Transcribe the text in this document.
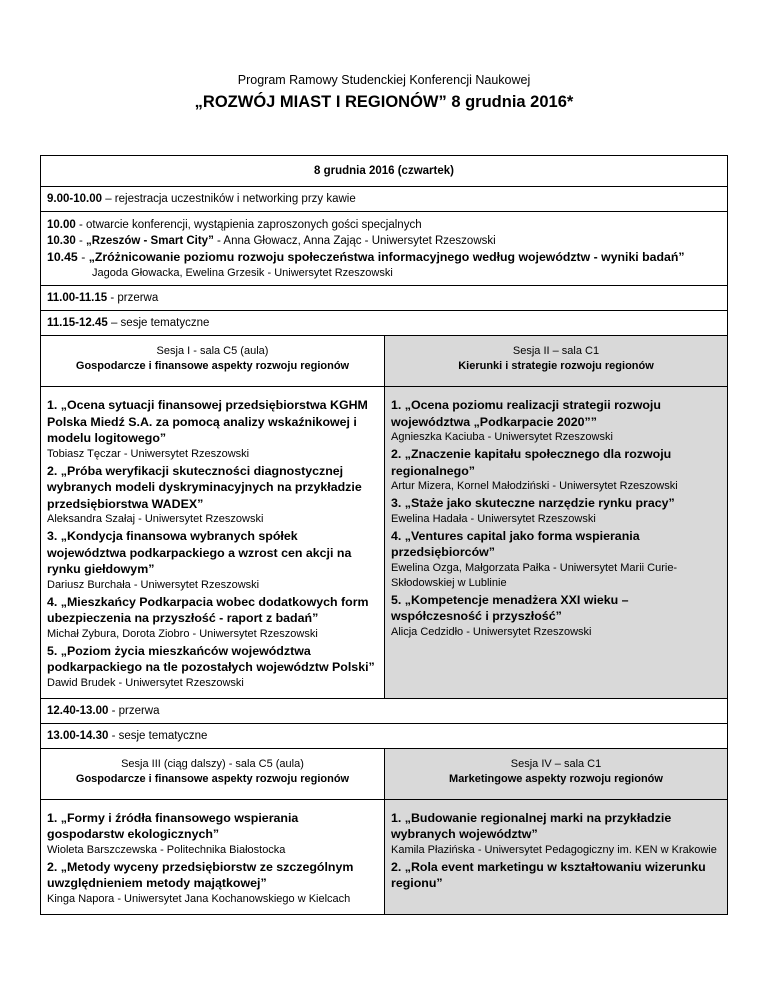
Program Ramowy Studenckiej Konferencji Naukowej
„ROZWÓJ MIAST I REGIONÓW” 8 grudnia 2016*
8 grudnia 2016 (czwartek)
9.00-10.00 – rejestracja uczestników i networking przy kawie
10.00 - otwarcie konferencji, wystąpienia zaproszonych gości specjalnych
10.30 - „Rzeszów - Smart City” - Anna Głowacz, Anna Zając - Uniwersytet Rzeszowski
10.45 - „Zróżnicowanie poziomu rozwoju społeczeństwa informacyjnego według województw - wyniki badań”
Jagoda Głowacka, Ewelina Grzesik - Uniwersytet Rzeszowski
11.00-11.15 - przerwa
11.15-12.45 – sesje tematyczne
Sesja I - sala C5 (aula)
Gospodarcze i finansowe aspekty rozwoju regionów
1. „Ocena sytuacji finansowej przedsiębiorstwa KGHM Polska Miedź S.A. za pomocą analizy wskaźnikowej i modelu logitowego”
Tobiasz Tęczar - Uniwersytet Rzeszowski
2. „Próba weryfikacji skuteczności diagnostycznej wybranych modeli dyskryminacyjnych na przykładzie przedsiębiorstwa WADEX”
Aleksandra Szałaj - Uniwersytet Rzeszowski
3. „Kondycja finansowa wybranych spółek województwa podkarpackiego a wzrost cen akcji na rynku giełdowym”
Dariusz Burchała - Uniwersytet Rzeszowski
4. „Mieszkańcy Podkarpacia wobec dodatkowych form ubezpieczenia na przyszłość - raport z badań”
Michał Zybura, Dorota Ziobro - Uniwersytet Rzeszowski
5. „Poziom życia mieszkańców województwa podkarpackiego na tle pozostałych województw Polski”
Dawid Brudek - Uniwersytet Rzeszowski
Sesja II – sala C1
Kierunki i strategie rozwoju regionów
1. „Ocena poziomu realizacji strategii rozwoju województwa „Podkarpacie 2020””
Agnieszka Kaciuba - Uniwersytet Rzeszowski
2. „Znaczenie kapitału społecznego dla rozwoju regionalnego”
Artur Mizera, Kornel Małodziński - Uniwersytet Rzeszowski
3. „Staże jako skuteczne narzędzie rynku pracy”
Ewelina Hadała - Uniwersytet Rzeszowski
4. „Ventures capital jako forma wspierania przedsiębiorców”
Ewelina Ozga, Małgorzata Pałka - Uniwersytet Marii Curie-Skłodowskiej w Lublinie
5. „Kompetencje menadżera XXI wieku – współczesność i przyszłość”
Alicja Cedzidło - Uniwersytet Rzeszowski
12.40-13.00 - przerwa
13.00-14.30 - sesje tematyczne
Sesja III (ciąg dalszy) - sala C5 (aula)
Gospodarcze i finansowe aspekty rozwoju regionów
1. „Formy i źródła finansowego wspierania gospodarstw ekologicznych”
Wioleta Barszczewska - Politechnika Białostocka
2. „Metody wyceny przedsiębiorstw ze szczególnym uwzględnieniem metody majątkowej”
Kinga Napora - Uniwersytet Jana Kochanowskiego w Kielcach
Sesja IV – sala C1
Marketingowe aspekty rozwoju regionów
1. „Budowanie regionalnej marki na przykładzie wybranych województw”
Kamila Płazińska - Uniwersytet Pedagogiczny im. KEN w Krakowie
2. „Rola event marketingu w kształtowaniu wizerunku regionu”
